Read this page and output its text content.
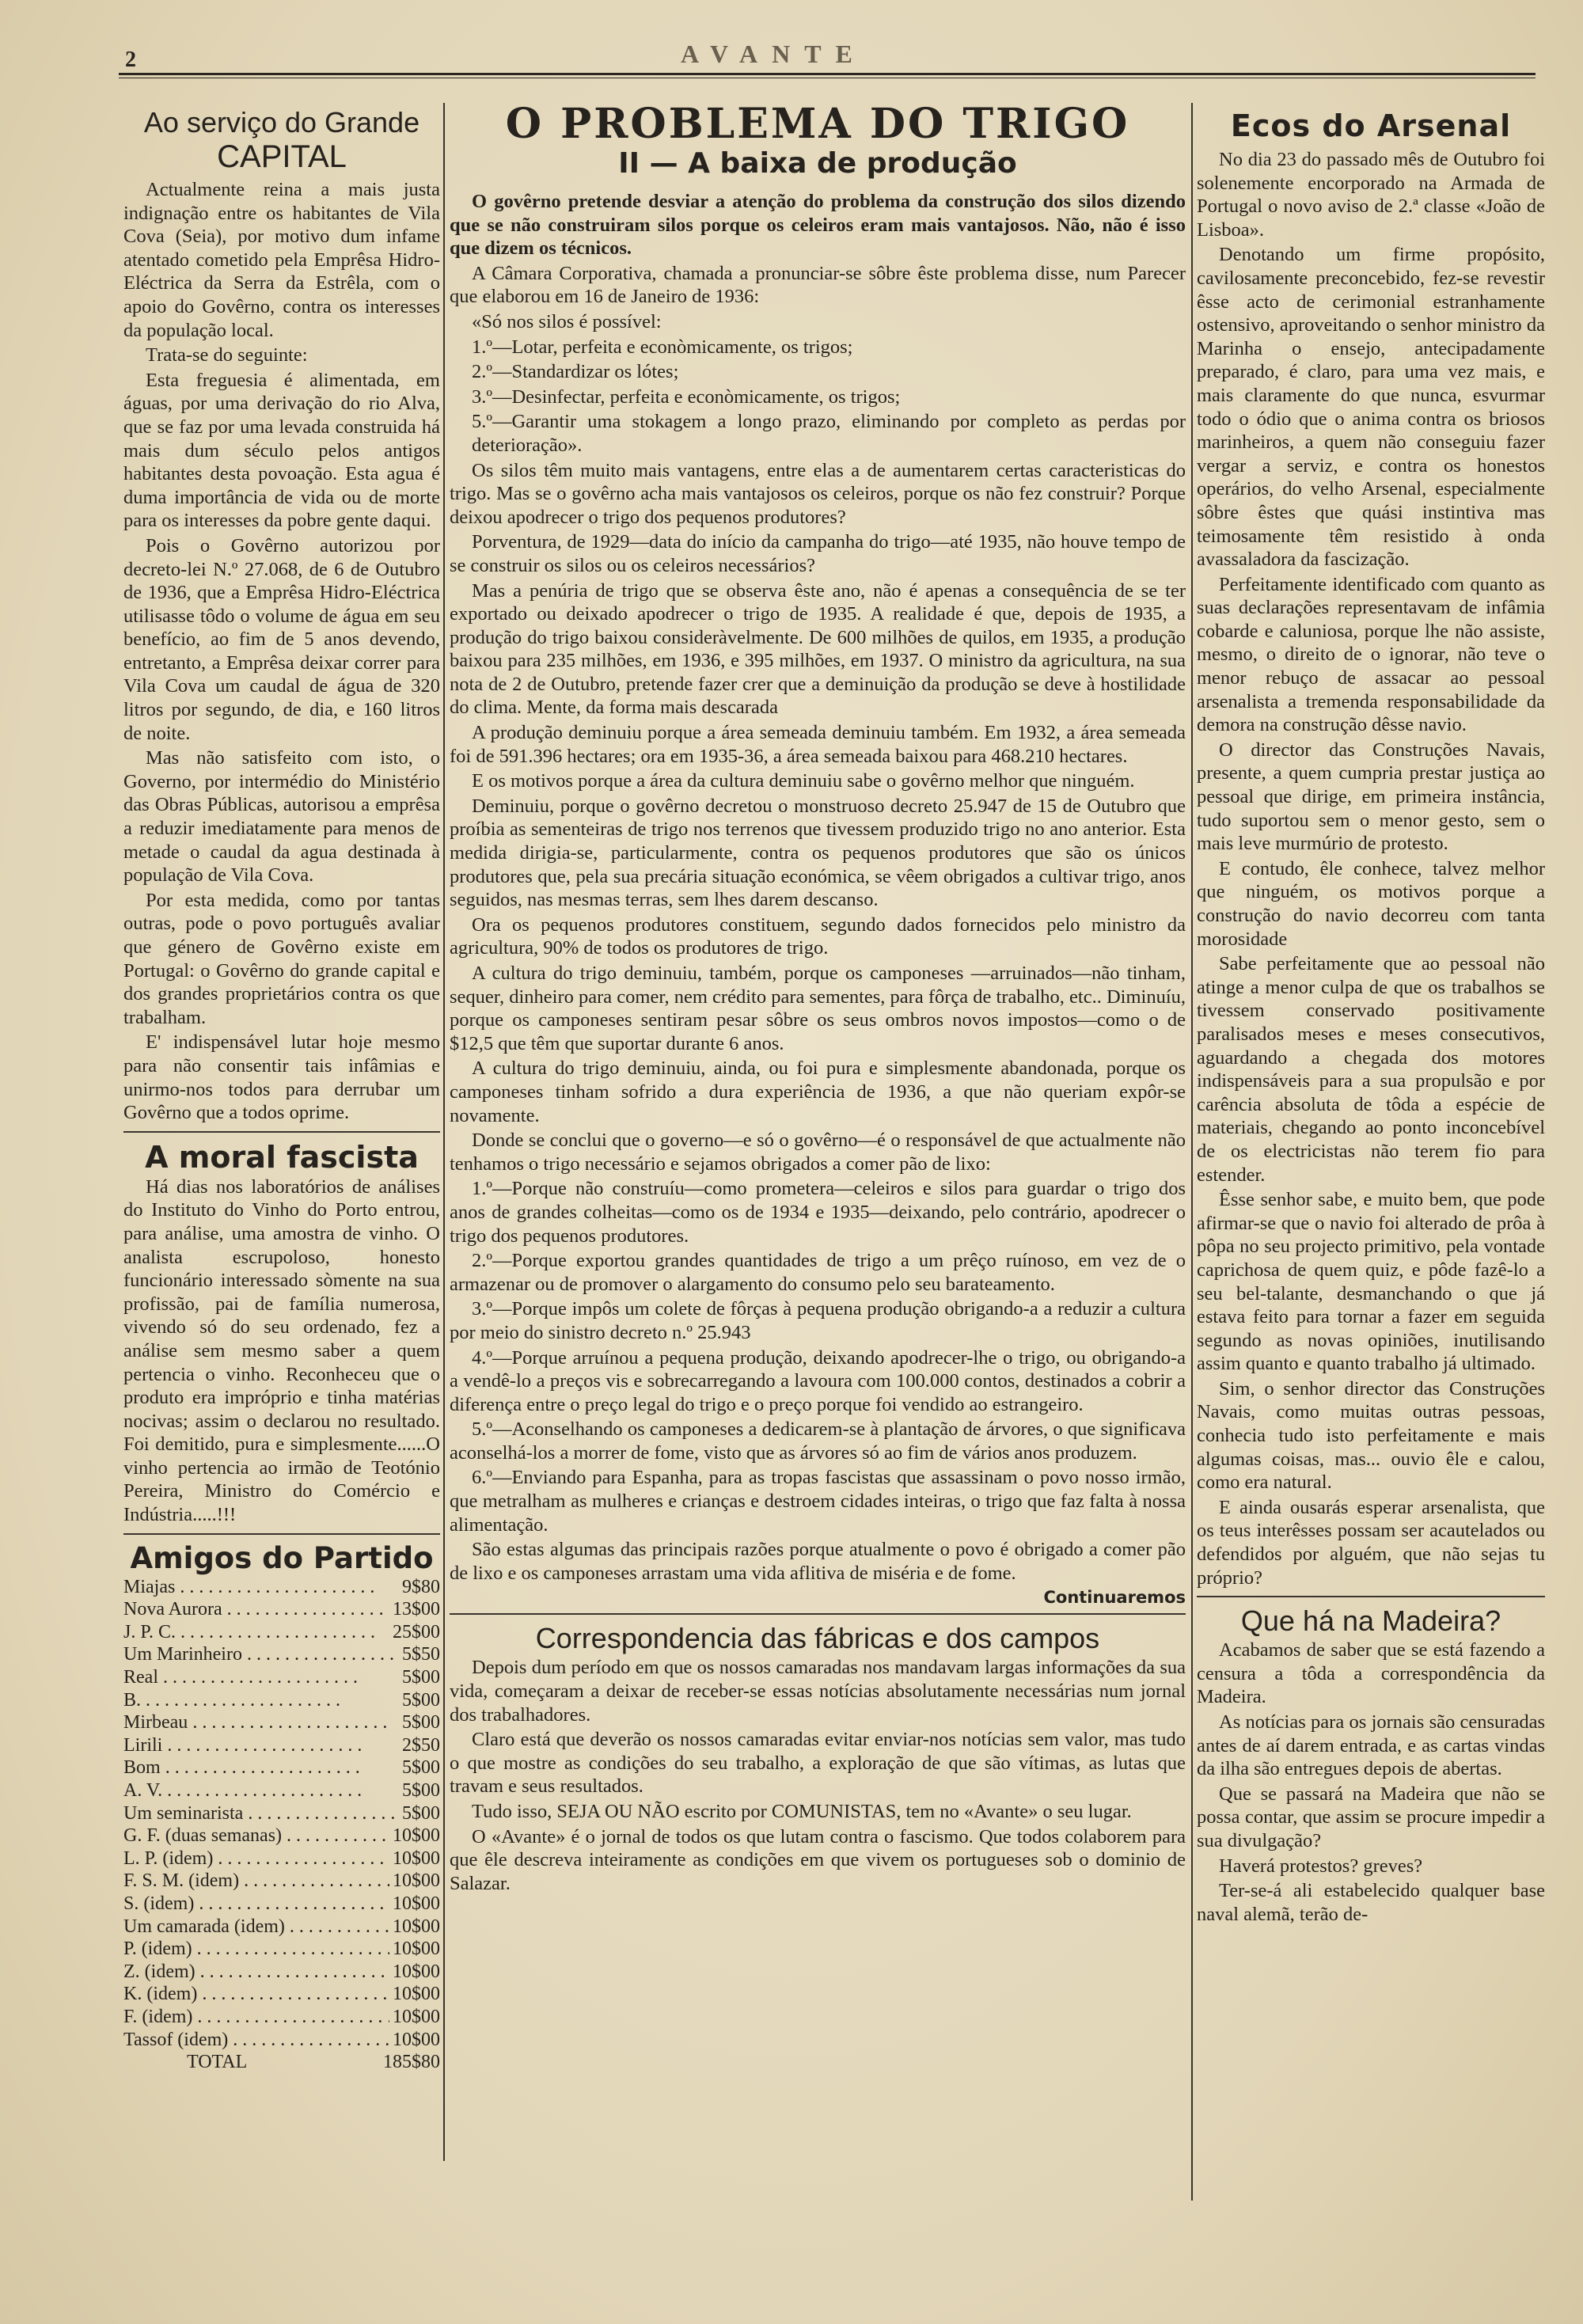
2	AVANTE
Ao serviço do Grande
CAPITAL

Actualmente reina a mais justa indignação entre os habitantes de Vila Cova (Seia), por motivo dum infame atentado cometido pela Emprêsa Hidro-Eléctrica da Serra da Estrêla, com o apoio do Govêrno, contra os interesses da população local.

Trata-se do seguinte:

Esta freguesia é alimentada, em águas, por uma derivação do rio Alva, que se faz por uma levada construida há mais dum século pelos antigos habitantes desta povoação. Esta agua é duma importância de vida ou de morte para os interesses da pobre gente daqui.

Pois o Govêrno autorizou por decreto-lei N.º 27.068, de 6 de Outubro de 1936, que a Emprêsa Hidro-Eléctrica utilisasse tôdo o volume de água em seu benefício, ao fim de 5 anos devendo, entretanto, a Emprêsa deixar correr para Vila Cova um caudal de água de 320 litros por segundo, de dia, e 160 litros de noite.

Mas não satisfeito com isto, o Governo, por intermédio do Ministério das Obras Públicas, autorisou a emprêsa a reduzir imediatamente para menos de metade o caudal da agua destinada à população de Vila Cova.

Por esta medida, como por tantas outras, pode o povo português avaliar que género de Govêrno existe em Portugal: o Govêrno do grande capital e dos grandes proprietários contra os que trabalham.

E' indispensável lutar hoje mesmo para não consentir tais infâmias e unirmo-nos todos para derrubar um Govêrno que a todos oprime.

A moral fascista

Há dias nos laboratórios de análises do Instituto do Vinho do Porto entrou, para análise, uma amostra de vinho. O analista escrupoloso, honesto funcionário interessado sòmente na sua profissão, pai de família numerosa, vivendo só do seu ordenado, fez a análise sem mesmo saber a quem pertencia o vinho. Reconheceu que o produto era impróprio e tinha matérias nocivas; assim o declarou no resultado. Foi demitido, pura e simplesmente......O vinho pertencia ao irmão de Teotónio Pereira, Ministro do Comércio e Indústria.....!!!

Amigos do Partido
Miajas . . .	9$80
Nova Aurora . . .	13$00
J. P. C. . . .	25$00
Um Marinheiro . . .	5$50
Real . . .	5$00
B. . . .	5$00
Mirbeau . . .	5$00
Lirili . . .	2$50
Bom . . .	5$00
A. V. . . .	5$00
Um seminarista . . .	5$00
G. F. (duas semanas) . . .	10$00
L. P. (idem) . . .	10$00
F. S. M. (idem) . . .	10$00
S. (idem) . . .	10$00
Um camarada (idem) . . .	10$00
P. (idem) . . .	10$00
Z. (idem) . . .	10$00
K. (idem) . . .	10$00
F. (idem) . . .	10$00
Tassof (idem) . . .	10$00
TOTAL	185$80
O PROBLEMA DO TRIGO
II — A baixa de produção

O govêrno pretende desviar a atenção do problema da construção dos silos dizendo que se não construiram silos porque os celeiros eram mais vantajosos. Não, não é isso que dizem os técnicos.

A Câmara Corporativa, chamada a pronunciar-se sôbre êste problema disse, num Parecer que elaborou em 16 de Janeiro de 1936:

«Só nos silos é possível:

1.º—Lotar, perfeita e econòmicamente, os trigos;

2.º—Standardizar os lótes;

3.º—Desinfectar, perfeita e econòmicamente, os trigos;

5.º—Garantir uma stokagem a longo prazo, eliminando por completo as perdas por deterioração».

Os silos têm muito mais vantagens, entre elas a de aumentarem certas caracteristicas do trigo. Mas se o govêrno acha mais vantajosos os celeiros, porque os não fez construir? Porque deixou apodrecer o trigo dos pequenos produtores?

Porventura, de 1929—data do início da campanha do trigo—até 1935, não houve tempo de se construir os silos ou os celeiros necessários?

Mas a penúria de trigo que se observa êste ano, não é apenas a consequência de se ter exportado ou deixado apodrecer o trigo de 1935. A realidade é que, depois de 1935, a produção do trigo baixou consideràvelmente. De 600 milhões de quilos, em 1935, a produção baixou para 235 milhões, em 1936, e 395 milhões, em 1937. O ministro da agricultura, na sua nota de 2 de Outubro, pretende fazer crer que a deminuição da produção se deve à hostilidade do clima. Mente, da forma mais descarada

A produção deminuiu porque a área semeada deminuiu também. Em 1932, a área semeada foi de 591.396 hectares; ora em 1935-36, a área semeada baixou para 468.210 hectares.

E os motivos porque a área da cultura deminuiu sabe o govêrno melhor que ninguém.

Deminuiu, porque o govêrno decretou o monstruoso decreto 25.947 de 15 de Outubro que proíbia as sementeiras de trigo nos terrenos que tivessem produzido trigo no ano anterior. Esta medida dirigia-se, particularmente, contra os pequenos produtores que são os únicos produtores que, pela sua precária situação económica, se vêem obrigados a cultivar trigo, anos seguidos, nas mesmas terras, sem lhes darem descanso.

Ora os pequenos produtores constituem, segundo dados fornecidos pelo ministro da agricultura, 90% de todos os produtores de trigo.

A cultura do trigo deminuiu, também, porque os camponeses —arruinados—não tinham, sequer, dinheiro para comer, nem crédito para sementes, para fôrça de trabalho, etc.. Diminuíu, porque os camponeses sentiram pesar sôbre os seus ombros novos impostos—como o de $12,5 que têm que suportar durante 6 anos.

A cultura do trigo deminuiu, ainda, ou foi pura e simplesmente abandonada, porque os camponeses tinham sofrido a dura experiência de 1936, a que não queriam expôr-se novamente.

Donde se conclui que o governo—e só o govêrno—é o responsável de que actualmente não tenhamos o trigo necessário e sejamos obrigados a comer pão de lixo:

1.º—Porque não construíu—como prometera—celeiros e silos para guardar o trigo dos anos de grandes colheitas—como os de 1934 e 1935—deixando, pelo contrário, apodrecer o trigo dos pequenos produtores.

2.º—Porque exportou grandes quantidades de trigo a um prêço ruínoso, em vez de o armazenar ou de promover o alargamento do consumo pelo seu barateamento.

3.º—Porque impôs um colete de fôrças à pequena produção obrigando-a a reduzir a cultura por meio do sinistro decreto n.º 25.943

4.º—Porque arruínou a pequena produção, deixando apodrecer-lhe o trigo, ou obrigando-a a vendê-lo a preços vis e sobrecarregando a lavoura com 100.000 contos, destinados a cobrir a diferença entre o preço legal do trigo e o preço porque foi vendido ao estrangeiro.

5.º—Aconselhando os camponeses a dedicarem-se à plantação de árvores, o que significava aconselhá-los a morrer de fome, visto que as árvores só ao fim de vários anos produzem.

6.º—Enviando para Espanha, para as tropas fascistas que assassinam o povo nosso irmão, que metralham as mulheres e crianças e destroem cidades inteiras, o trigo que faz falta à nossa alimentação.

São estas algumas das principais razões porque atualmente o povo é obrigado a comer pão de lixo e os camponeses arrastam uma vida aflitiva de miséria e de fome.

Continuaremos
Correspondencia das fábricas e dos campos

Depois dum período em que os nossos camaradas nos mandavam largas informações da sua vida, começaram a deixar de receber-se essas notícias absolutamente necessárias num jornal dos trabalhadores.

Claro está que deverão os nossos camaradas evitar enviar-nos notícias sem valor, mas tudo o que mostre as condições do seu trabalho, a exploração de que são vítimas, as lutas que travam e seus resultados.

Tudo isso, SEJA OU NÃO escrito por COMUNISTAS, tem no «Avante» o seu lugar.

O «Avante» é o jornal de todos os que lutam contra o fascismo. Que todos colaborem para que êle descreva inteiramente as condições em que vivem os portugueses sob o dominio de Salazar.

Ecos do Arsenal

No dia 23 do passado mês de Outubro foi solenemente encorporado na Armada de Portugal o novo aviso de 2.ª classe «João de Lisboa».

Denotando um firme propósito, cavilosamente preconcebido, fez-se revestir êsse acto de cerimonial estranhamente ostensivo, aproveitando o senhor ministro da Marinha o ensejo, antecipadamente preparado, é claro, para uma vez mais, e mais claramente do que nunca, esvurmar todo o ódio que o anima contra os briosos marinheiros, a quem não conseguiu fazer vergar a serviz, e contra os honestos operários, do velho Arsenal, especialmente sôbre êstes que quási instintiva mas teimosamente têm resistido à onda avassaladora da fascização.

Perfeitamente identificado com quanto as suas declarações representavam de infâmia cobarde e caluniosa, porque lhe não assiste, mesmo, o direito de o ignorar, não teve o menor rebuço de assacar ao pessoal arsenalista a tremenda responsabilidade da demora na construção dêsse navio.

O director das Construções Navais, presente, a quem cumpria prestar justiça ao pessoal que dirige, em primeira instância, tudo suportou sem o menor gesto, sem o mais leve murmúrio de protesto.

E contudo, êle conhece, talvez melhor que ninguém, os motivos porque a construção do navio decorreu com tanta morosidade

Sabe perfeitamente que ao pessoal não atinge a menor culpa de que os trabalhos se tivessem conservado positivamente paralisados meses e meses consecutivos, aguardando a chegada dos motores indispensáveis para a sua propulsão e por carência absoluta de tôda a espécie de materiais, chegando ao ponto inconcebível de os electricistas não terem fio para estender.

Êsse senhor sabe, e muito bem, que pode afirmar-se que o navio foi alterado de prôa à pôpa no seu projecto primitivo, pela vontade caprichosa de quem quiz, e pôde fazê-lo a seu bel-talante, desmanchando o que já estava feito para tornar a fazer em seguida segundo as novas opiniões, inutilisando assim quanto e quanto trabalho já ultimado.

Sim, o senhor director das Construções Navais, como muitas outras pessoas, conhecia tudo isto perfeitamente e mais algumas coisas, mas... ouvio êle e calou, como era natural.

E ainda ousarás esperar arsenalista, que os teus interêsses possam ser acautelados ou defendidos por alguém, que não sejas tu próprio?

Que há na Madeira?

Acabamos de saber que se está fazendo a censura a tôda a correspondência da Madeira.

As notícias para os jornais são censuradas antes de aí darem entrada, e as cartas vindas da ilha são entregues depois de abertas.

Que se passará na Madeira que não se possa contar, que assim se procure impedir a sua divulgação?

Haverá protestos? greves?

Ter-se-á ali estabelecido qualquer base naval alemã, terão de-
